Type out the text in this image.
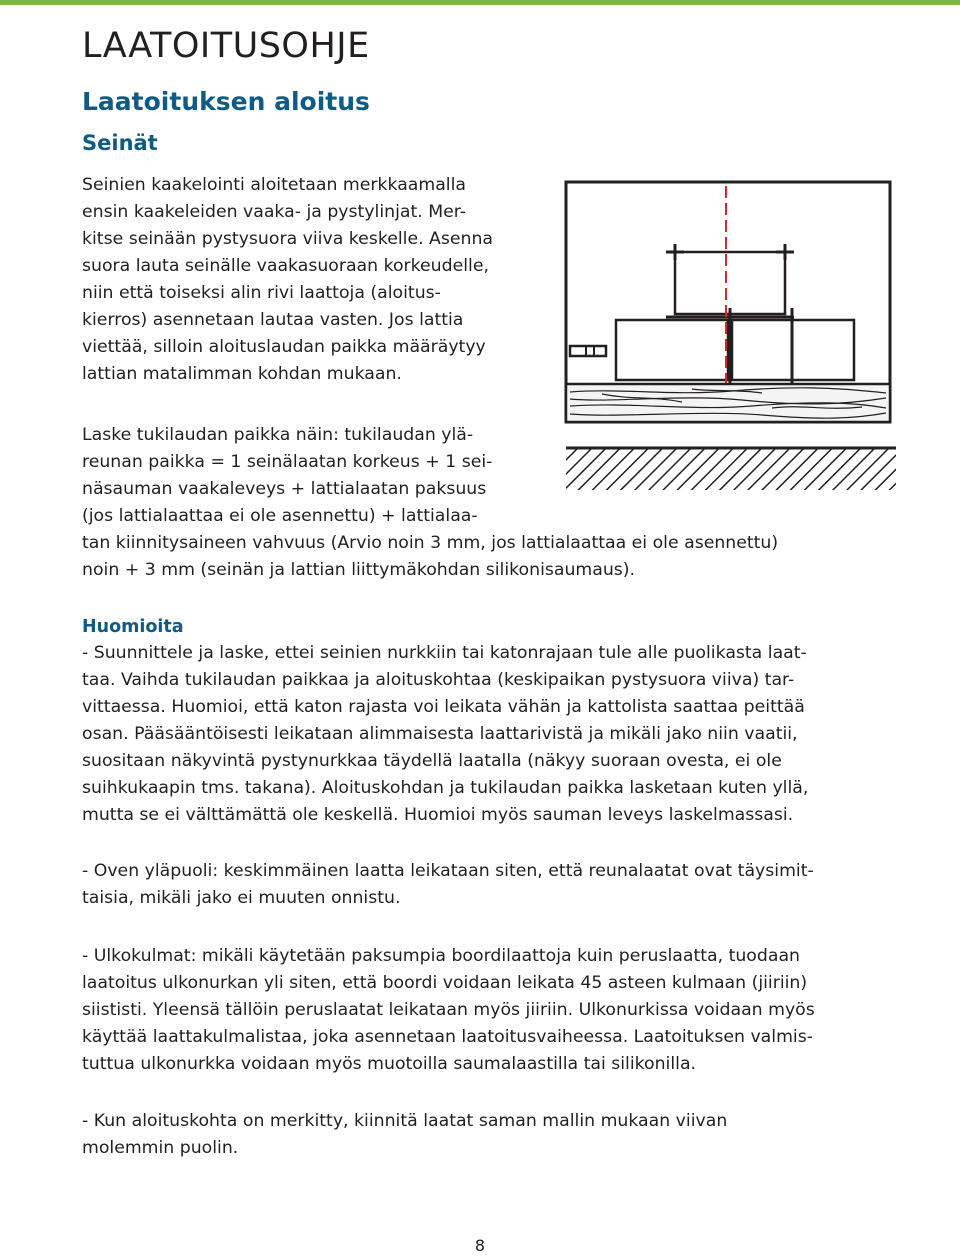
LAATOITUSOHJE
Laatoituksen aloitus
Seinät

Seinien kaakelointi aloitetaan merkkaamalla
ensin kaakeleiden vaaka- ja pystylinjat. Mer-
kitse seinään pystysuora viiva keskelle. Asenna
suora lauta seinälle vaakasuoraan korkeudelle,
niin että toiseksi alin rivi laattoja (aloitus-
kierros) asennetaan lautaa vasten. Jos lattia
viettää, silloin aloituslaudan paikka määräytyy
lattian matalimman kohdan mukaan.

Laske tukilaudan paikka näin: tukilaudan ylä-
reunan paikka = 1 seinälaatan korkeus + 1 sei-
näsauman vaakaleveys + lattialaatan paksuus
(jos lattialaattaa ei ole asennettu) + lattialaa-
tan kiinnitysaineen vahvuus (Arvio noin 3 mm, jos lattialaattaa ei ole asennettu)
noin + 3 mm (seinän ja lattian liittymäkohdan silikonisaumaus).

Huomioita

- Suunnittele ja laske, ettei seinien nurkkiin tai katonrajaan tule alle puolikasta laat-
taa. Vaihda tukilaudan paikkaa ja aloituskohtaa (keskipaikan pystysuora viiva) tar-
vittaessa. Huomioi, että katon rajasta voi leikata vähän ja kattolista saattaa peittää
osan. Pääsääntöisesti leikataan alimmaisesta laattarivistä ja mikäli jako niin vaatii,
suositaan näkyvintä pystynurkkaa täydellä laatalla (näkyy suoraan ovesta, ei ole
suihkukaapin tms. takana). Aloituskohdan ja tukilaudan paikka lasketaan kuten yllä,
mutta se ei välttämättä ole keskellä. Huomioi myös sauman leveys laskelmassasi.

- Oven yläpuoli: keskimmäinen laatta leikataan siten, että reunalaatat ovat täysimit-
taisia, mikäli jako ei muuten onnistu.

- Ulkokulmat: mikäli käytetään paksumpia boordilaattoja kuin peruslaatta, tuodaan
laatoitus ulkonurkan yli siten, että boordi voidaan leikata 45 asteen kulmaan (jiiriin)
siististi. Yleensä tällöin peruslaatat leikataan myös jiiriin. Ulkonurkissa voidaan myös
käyttää laattakulmalistaa, joka asennetaan laatoitusvaiheessa. Laatoituksen valmis-
tuttua ulkonurkka voidaan myös muotoilla saumalaastilla tai silikonilla.

- Kun aloituskohta on merkitty, kiinnitä laatat saman mallin mukaan viivan
molemmin puolin.

8
